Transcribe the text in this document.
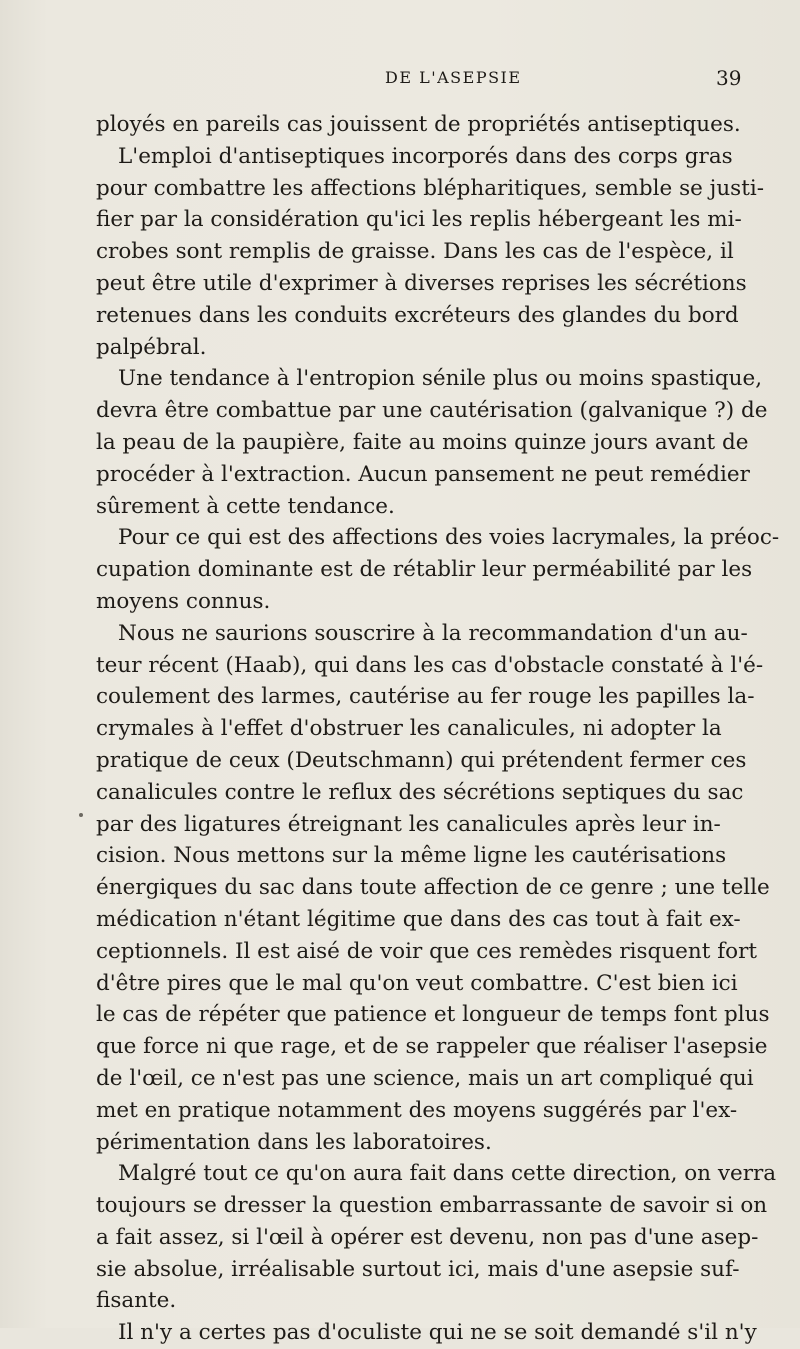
DE L'ASEPSIE	39
ployés en pareils cas jouissent de propriétés antiseptiques.
L'emploi d'antiseptiques incorporés dans des corps gras
pour combattre les affections blépharitiques, semble se justi-
fier par la considération qu'ici les replis hébergeant les mi-
crobes sont remplis de graisse. Dans les cas de l'espèce, il
peut être utile d'exprimer à diverses reprises les sécrétions
retenues dans les conduits excréteurs des glandes du bord
palpébral.
Une tendance à l'entropion sénile plus ou moins spastique,
devra être combattue par une cautérisation (galvanique ?) de
la peau de la paupière, faite au moins quinze jours avant de
procéder à l'extraction. Aucun pansement ne peut remédier
sûrement à cette tendance.
Pour ce qui est des affections des voies lacrymales, la préoc-
cupation dominante est de rétablir leur perméabilité par les
moyens connus.
Nous ne saurions souscrire à la recommandation d'un au-
teur récent (Haab), qui dans les cas d'obstacle constaté à l'é-
coulement des larmes, cautérise au fer rouge les papilles la-
crymales à l'effet d'obstruer les canalicules, ni adopter la
pratique de ceux (Deutschmann) qui prétendent fermer ces
canalicules contre le reflux des sécrétions septiques du sac
par des ligatures étreignant les canalicules après leur in-
cision. Nous mettons sur la même ligne les cautérisations
énergiques du sac dans toute affection de ce genre ; une telle
médication n'étant légitime que dans des cas tout à fait ex-
ceptionnels. Il est aisé de voir que ces remèdes risquent fort
d'être pires que le mal qu'on veut combattre. C'est bien ici
le cas de répéter que patience et longueur de temps font plus
que force ni que rage, et de se rappeler que réaliser l'asepsie
de l'œil, ce n'est pas une science, mais un art compliqué qui
met en pratique notamment des moyens suggérés par l'ex-
périmentation dans les laboratoires.
Malgré tout ce qu'on aura fait dans cette direction, on verra
toujours se dresser la question embarrassante de savoir si on
a fait assez, si l'œil à opérer est devenu, non pas d'une asep-
sie absolue, irréalisable surtout ici, mais d'une asepsie suf-
fisante.
Il n'y a certes pas d'oculiste qui ne se soit demandé s'il n'y
